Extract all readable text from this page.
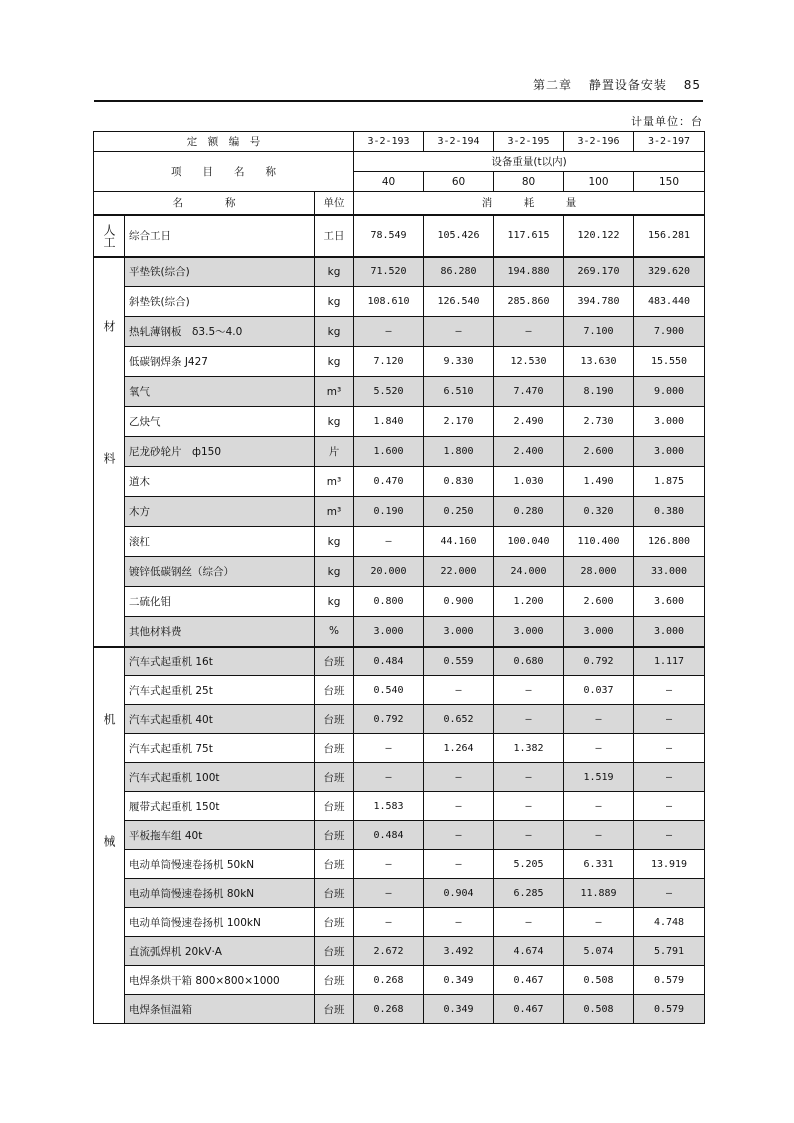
第二章 静置设备安装 85
计量单位：台
定　额　编　号			3-2-193	3-2-194	3-2-195	3-2-196	3-2-197
项　　目　　名　　称			设备重量(t以内)				
			40	60	80	100	150
名　　　　称		单位	消　　　耗　　　量				
人工	综合工日	工日	78.549	105.426	117.615	120.122	156.281
材料	平垫铁(综合)	kg	71.520	86.280	194.880	269.170	329.620
	斜垫铁(综合)	kg	108.610	126.540	285.860	394.780	483.440
	热轧薄钢板　δ3.5～4.0	kg	—	—	—	7.100	7.900
	低碳钢焊条 J427	kg	7.120	9.330	12.530	13.630	15.550
	氧气	m³	5.520	6.510	7.470	8.190	9.000
	乙炔气	kg	1.840	2.170	2.490	2.730	3.000
	尼龙砂轮片　ф150	片	1.600	1.800	2.400	2.600	3.000
	道木	m³	0.470	0.830	1.030	1.490	1.875
	木方	m³	0.190	0.250	0.280	0.320	0.380
	滚杠	kg	—	44.160	100.040	110.400	126.800
	镀锌低碳钢丝（综合）	kg	20.000	22.000	24.000	28.000	33.000
	二硫化钼	kg	0.800	0.900	1.200	2.600	3.600
	其他材料费	%	3.000	3.000	3.000	3.000	3.000
机械	汽车式起重机 16t	台班	0.484	0.559	0.680	0.792	1.117
	汽车式起重机 25t	台班	0.540	—	—	0.037	—
	汽车式起重机 40t	台班	0.792	0.652	—	—	—
	汽车式起重机 75t	台班	—	1.264	1.382	—	—
	汽车式起重机 100t	台班	—	—	—	1.519	—
	履带式起重机 150t	台班	1.583	—	—	—	—
	平板拖车组 40t	台班	0.484	—	—	—	—
	电动单筒慢速卷扬机 50kN	台班	—	—	5.205	6.331	13.919
	电动单筒慢速卷扬机 80kN	台班	—	0.904	6.285	11.889	—
	电动单筒慢速卷扬机 100kN	台班	—	—	—	—	4.748
	直流弧焊机 20kV·A	台班	2.672	3.492	4.674	5.074	5.791
	电焊条烘干箱 800×800×1000	台班	0.268	0.349	0.467	0.508	0.579
	电焊条恒温箱	台班	0.268	0.349	0.467	0.508	0.579
